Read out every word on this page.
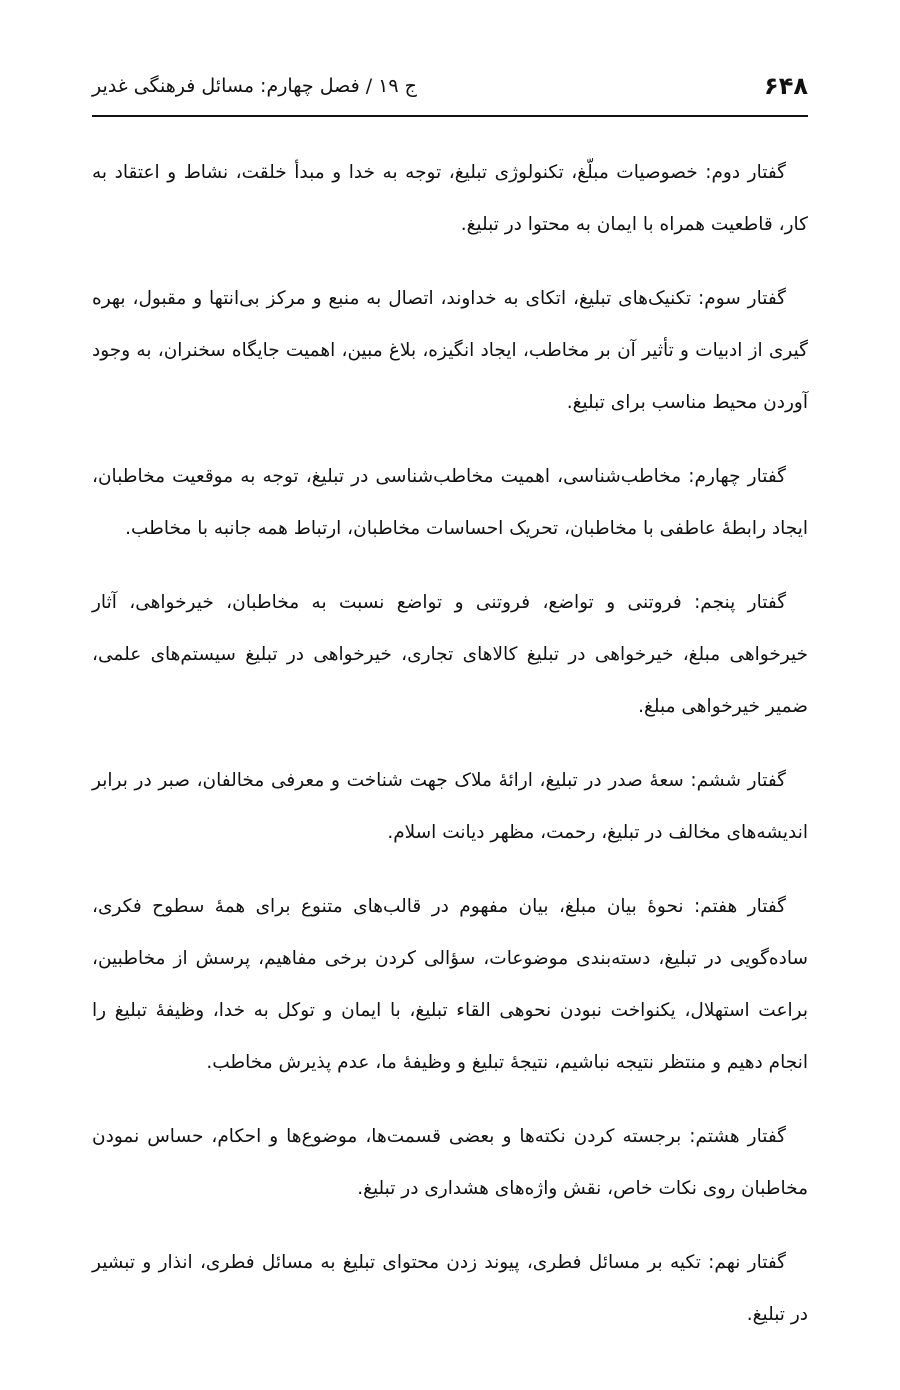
۶۴۸
ج ۱۹ / فصل چهارم: مسائل فرهنگی غدیر

گفتار دوم: خصوصیات مبلّغ، تکنولوژی تبلیغ، توجه به خدا و مبدأ خلقت، نشاط و اعتقاد به کار، قاطعیت همراه با ایمان به محتوا در تبلیغ.

گفتار سوم: تکنیک‌های تبلیغ، اتکای به خداوند، اتصال به منبع و مرکز بی‌انتها و مقبول، بهره گیری از ادبیات و تأثیر آن بر مخاطب، ایجاد انگیزه، بلاغ مبین، اهمیت جایگاه سخنران، به وجود آوردن محیط مناسب برای تبلیغ.

گفتار چهارم: مخاطب‌شناسی، اهمیت مخاطب‌شناسی در تبلیغ، توجه به موقعیت مخاطبان، ایجاد رابطهٔ عاطفی با مخاطبان، تحریک احساسات مخاطبان، ارتباط همه جانبه با مخاطب.

گفتار پنجم: فروتنی و تواضع، فروتنی و تواضع نسبت به مخاطبان، خیرخواهی، آثار خیرخواهی مبلغ، خیرخواهی در تبلیغ کالاهای تجاری، خیرخواهی در تبلیغ سیستم‌های علمی، ضمیر خیرخواهی مبلغ.

گفتار ششم: سعهٔ صدر در تبلیغ، ارائهٔ ملاک جهت شناخت و معرفی مخالفان، صبر در برابر اندیشه‌های مخالف در تبلیغ، رحمت، مظهر دیانت اسلام.

گفتار هفتم: نحوهٔ بیان مبلغ، بیان مفهوم در قالب‌های متنوع برای همهٔ سطوح فکری، ساده‌گویی در تبلیغ، دسته‌بندی موضوعات، سؤالی کردن برخی مفاهیم، پرسش از مخاطبین، براعت استهلال، یکنواخت نبودن نحوهی القاء تبلیغ، با ایمان و توکل به خدا، وظیفهٔ تبلیغ را انجام دهیم و منتظر نتیجه نباشیم، نتیجهٔ تبلیغ و وظیفهٔ ما، عدم پذیرش مخاطب.

گفتار هشتم: برجسته کردن نکته‌ها و بعضی قسمت‌ها، موضوع‌ها و احکام، حساس نمودن مخاطبان روی نکات خاص، نقش واژه‌های هشداری در تبلیغ.

گفتار نهم: تکیه بر مسائل فطری، پیوند زدن محتوای تبلیغ به مسائل فطری، انذار و تبشیر در تبلیغ.
